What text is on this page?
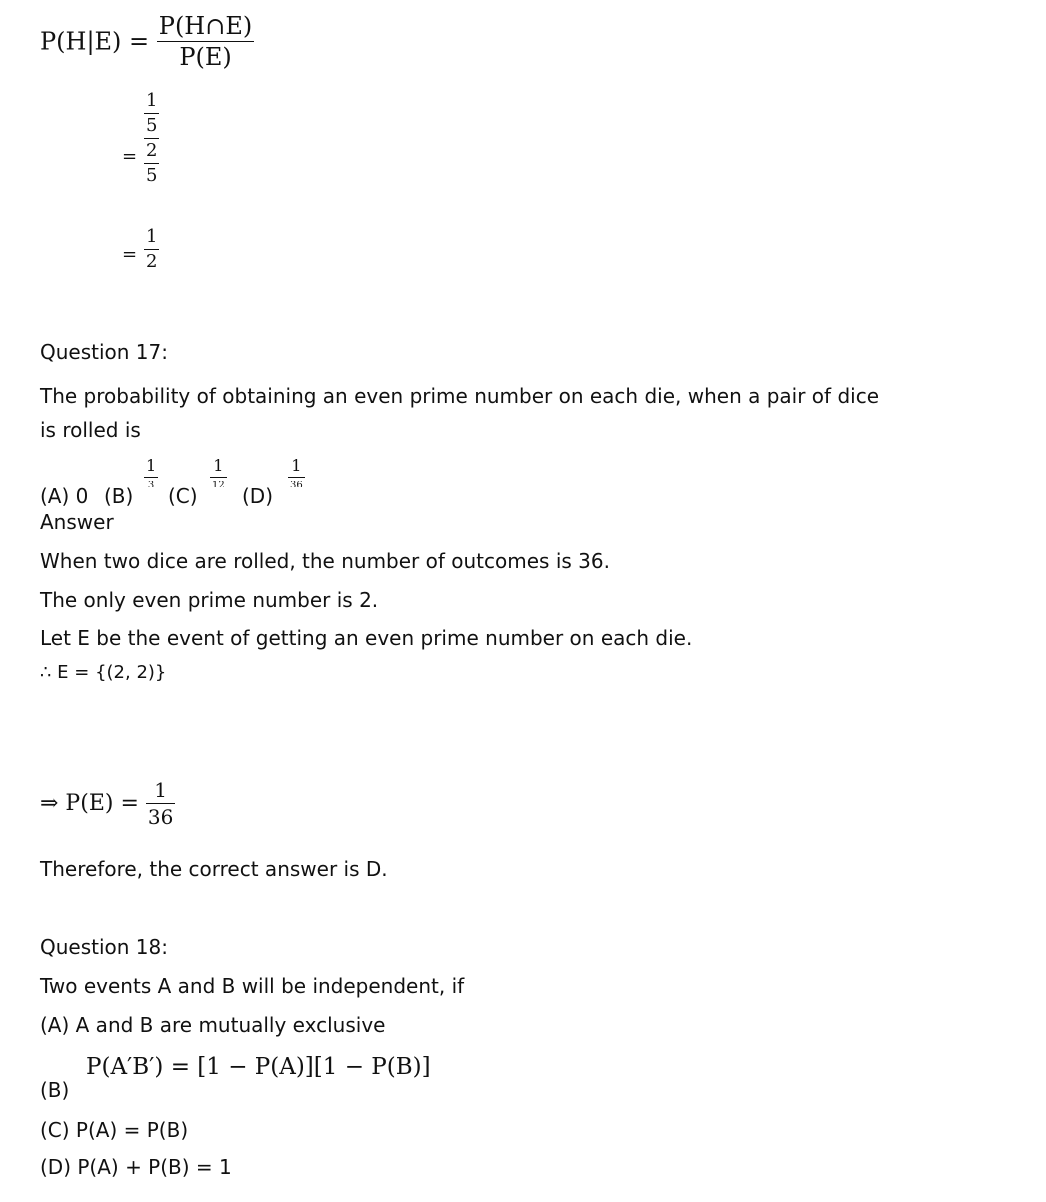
$P(H|E) = \frac{P(H\cap E)}{P(E)}$
=
1
5
2
5
=
1
2
Question 17:
The probability of obtaining an even prime number on each die, when a pair of dice
is rolled is
(A) 0 (B)
1
3 (C)
1
12 (D)
1
36
Answer
When two dice are rolled, the number of outcomes is 36.
The only even prime number is 2.
Let E be the event of getting an even prime number on each die.
∴ E = {(2, 2)}
⇒ $P(E) = \frac{1}{36}$
Therefore, the correct answer is D.
Question 18:
Two events A and B will be independent, if
(A) A and B are mutually exclusive
(B)
P(A′B′) = [1 − P(A)][1 − P(B)]
(C) P(A) = P(B)
(D) P(A) + P(B) = 1
